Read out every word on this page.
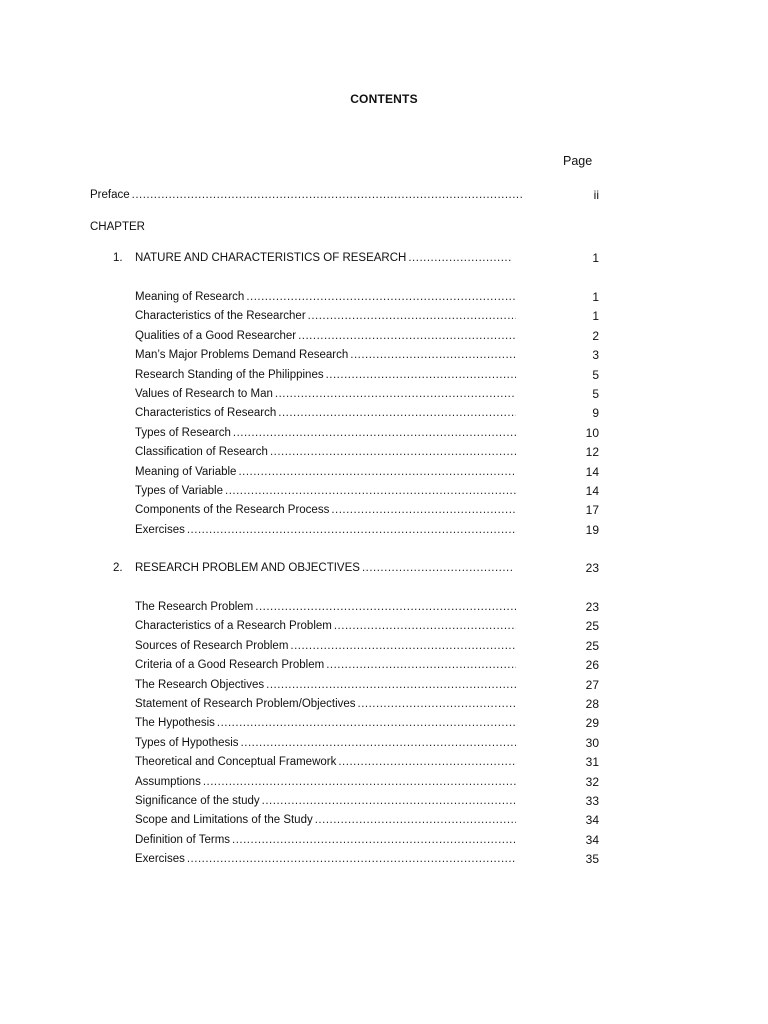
CONTENTS
Page
Preface .....	ii
CHAPTER
1. NATURE AND CHARACTERISTICS OF RESEARCH .....	1
Meaning of Research .....	1
Characteristics of the Researcher .....	1
Qualities of a Good Researcher .....	2
Man’s Major Problems Demand Research .....	3
Research Standing of the Philippines .....	5
Values of Research to Man .....	5
Characteristics of Research .....	9
Types of Research .....	10
Classification of Research .....	12
Meaning of Variable .....	14
Types of Variable .....	14
Components of the Research Process .....	17
Exercises .....	19
2. RESEARCH PROBLEM AND OBJECTIVES .....	23
The Research Problem .....	23
Characteristics of a Research Problem .....	25
Sources of Research Problem .....	25
Criteria of a Good Research Problem .....	26
The Research Objectives .....	27
Statement of Research Problem/Objectives .....	28
The Hypothesis .....	29
Types of Hypothesis .....	30
Theoretical and Conceptual Framework .....	31
Assumptions .....	32
Significance of the study .....	33
Scope and Limitations of the Study .....	34
Definition of Terms .....	34
Exercises .....	35
